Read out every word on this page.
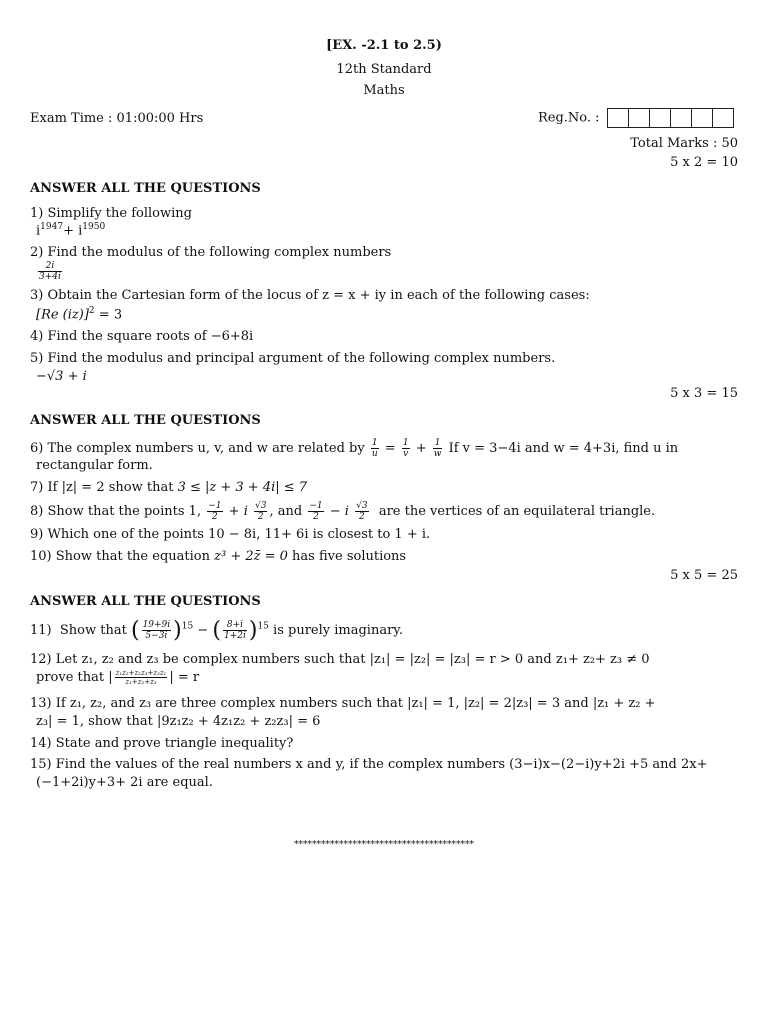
[EX. -2.1 to 2.5)
12th Standard
Maths
Exam Time : 01:00:00 Hrs	Reg.No. :
Total Marks : 50
5 x 2 = 10
ANSWER ALL THE QUESTIONS
1) Simplify the following
$i^{1947}+ i^{1950}$
2) Find the modulus of the following complex numbers
$\frac{2i}{3+4i}$
3) Obtain the Cartesian form of the locus of z = x + iy in each of the following cases:
[Re (iz)]$^2$ = 3
4) Find the square roots of −6+8i
5) Find the modulus and principal argument of the following complex numbers.
−√3 + i
5 x 3 = 15
ANSWER ALL THE QUESTIONS
6) The complex numbers u, v, and w are related by $\frac{1}{u} = \frac{1}{v} + \frac{1}{w}$ If v = 3−4i and w = 4+3i, find u in
rectangular form.
7) If |z| = 2 show that 3 ≤ |z + 3 + 4i| ≤ 7
8) Show that the points 1, $\frac{-1}{2} + i \frac{√3}{2}$ , and $\frac{-1}{2} - i \frac{√3}{2}$ are the vertices of an equilateral triangle.
9) Which one of the points 10 − 8i, 11+ 6i is closest to 1 + i.
10) Show that the equation z³ + 2z̄ = 0 has five solutions
5 x 5 = 25
ANSWER ALL THE QUESTIONS
11) Show that ( $\frac{19+9i}{5-3i} )^{15}$ − ( $\frac{8+i}{1+2i} )^{15}$ is purely imaginary.
12) Let z₁, z₂ and z₃ be complex numbers such that |z₁| = |z₂| = |z₃| = r > 0 and z₁+ z₂+ z₃ ≠ 0
prove that | $\frac{\text{z₁z₂+z₂z₃+z₃z₁}}{\text{z₁+z₂+z₃}}$ | = r
13) If z₁, z₂, and z₃ are three complex numbers such that |z₁| = 1, |z₂| = 2|z₃| = 3 and |z₁ + z₂ +
z₃| = 1, show that |9z₁z₂ + 4z₁z₂ + z₂z₃| = 6
14) State and prove triangle inequality?
15) Find the values of the real numbers x and y, if the complex numbers (3−i)x−(2−i)y+2i +5 and 2x+
(−1+2i)y+3+ 2i are equal.
****************************************
